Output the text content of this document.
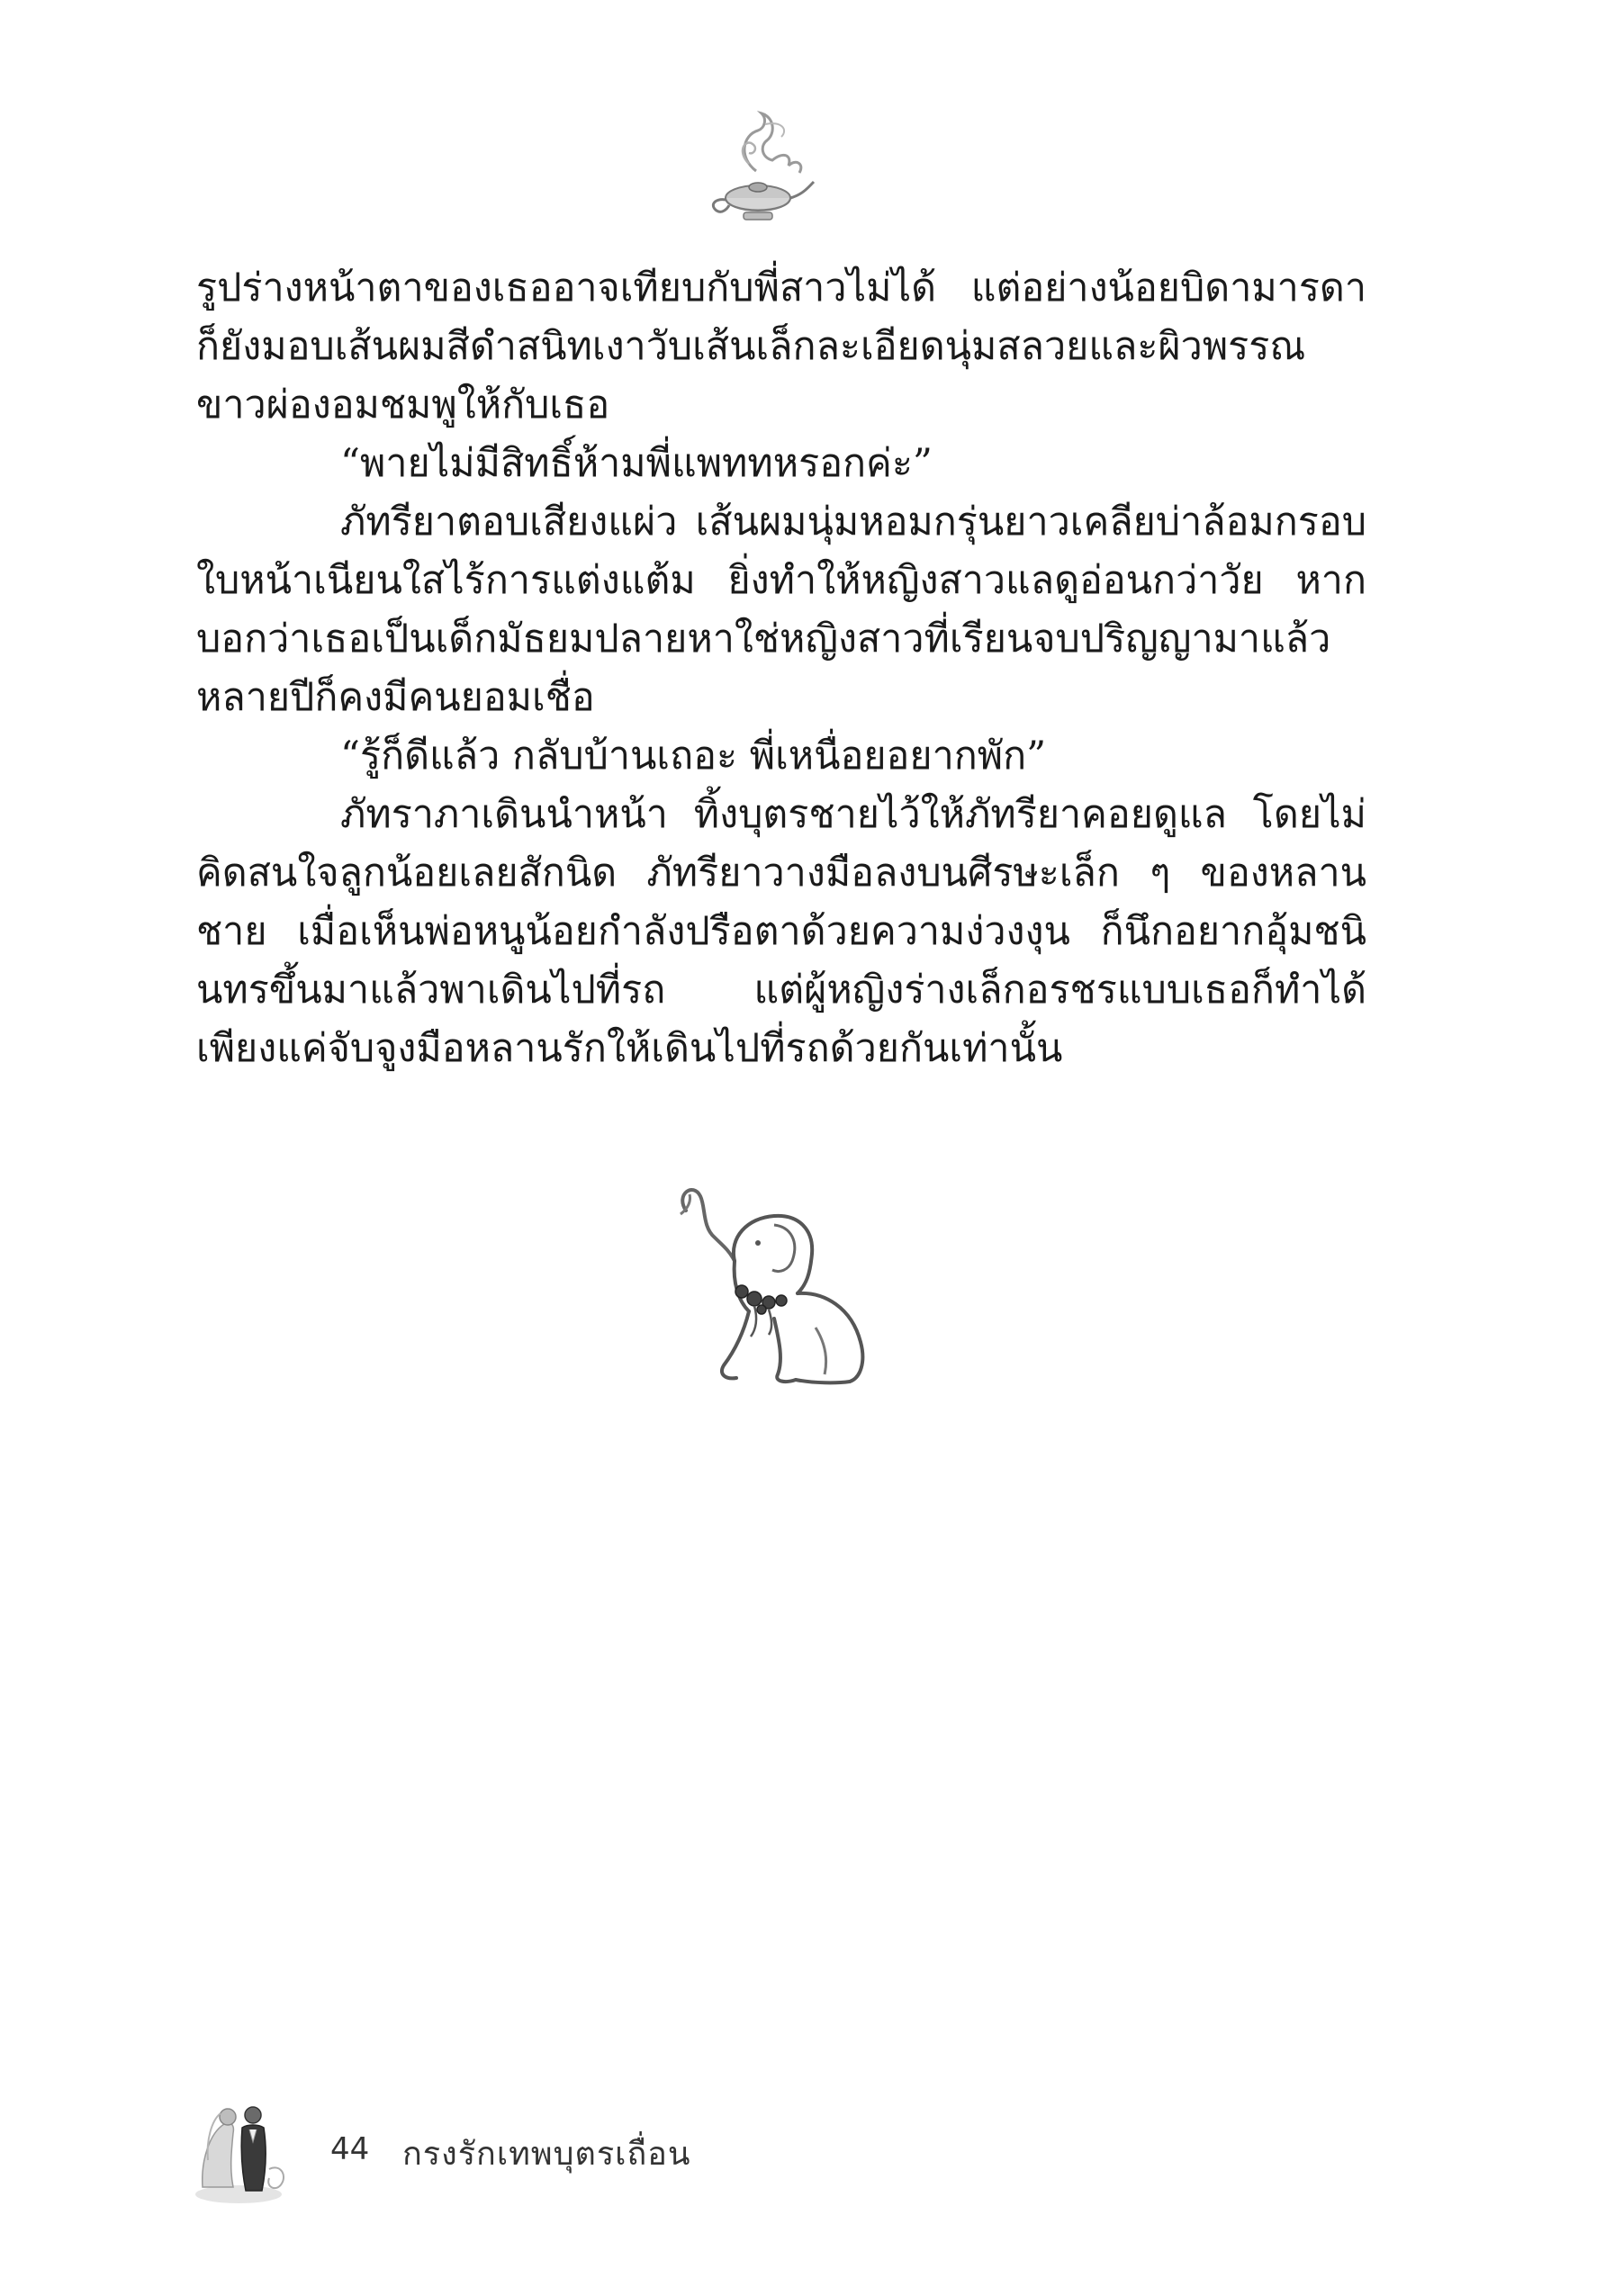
รูปร่างหน้าตาของเธออาจเทียบกับพี่สาวไม่ได้ แต่อย่างน้อยบิดามารดาก็ยังมอบเส้นผมสีดำสนิทเงาวับเส้นเล็กละเอียดนุ่มสลวยและผิวพรรณขาวผ่องอมชมพูให้กับเธอ

“พายไม่มีสิทธิ์ห้ามพี่แพททหรอกค่ะ”

ภัทรียาตอบเสียงแผ่ว เส้นผมนุ่มหอมกรุ่นยาวเคลียบ่าล้อมกรอบใบหน้าเนียนใสไร้การแต่งแต้ม ยิ่งทำให้หญิงสาวแลดูอ่อนกว่าวัย หากบอกว่าเธอเป็นเด็กมัธยมปลายหาใช่หญิงสาวที่เรียนจบปริญญามาแล้วหลายปีก็คงมีคนยอมเชื่อ

“รู้ก็ดีแล้ว กลับบ้านเถอะ พี่เหนื่อยอยากพัก”

ภัทราภาเดินนำหน้า ทิ้งบุตรชายไว้ให้ภัทรียาคอยดูแล โดยไม่คิดสนใจลูกน้อยเลยสักนิด ภัทรียาวางมือลงบนศีรษะเล็ก ๆ ของหลานชาย เมื่อเห็นพ่อหนูน้อยกำลังปรือตาด้วยความง่วงงุน ก็นึกอยากอุ้มชนินทรขึ้นมาแล้วพาเดินไปที่รถ แต่ผู้หญิงร่างเล็กอรชรแบบเธอก็ทำได้เพียงแค่จับจูงมือหลานรักให้เดินไปที่รถด้วยกันเท่านั้น

44 กรงรักเทพบุตรเถื่อน
